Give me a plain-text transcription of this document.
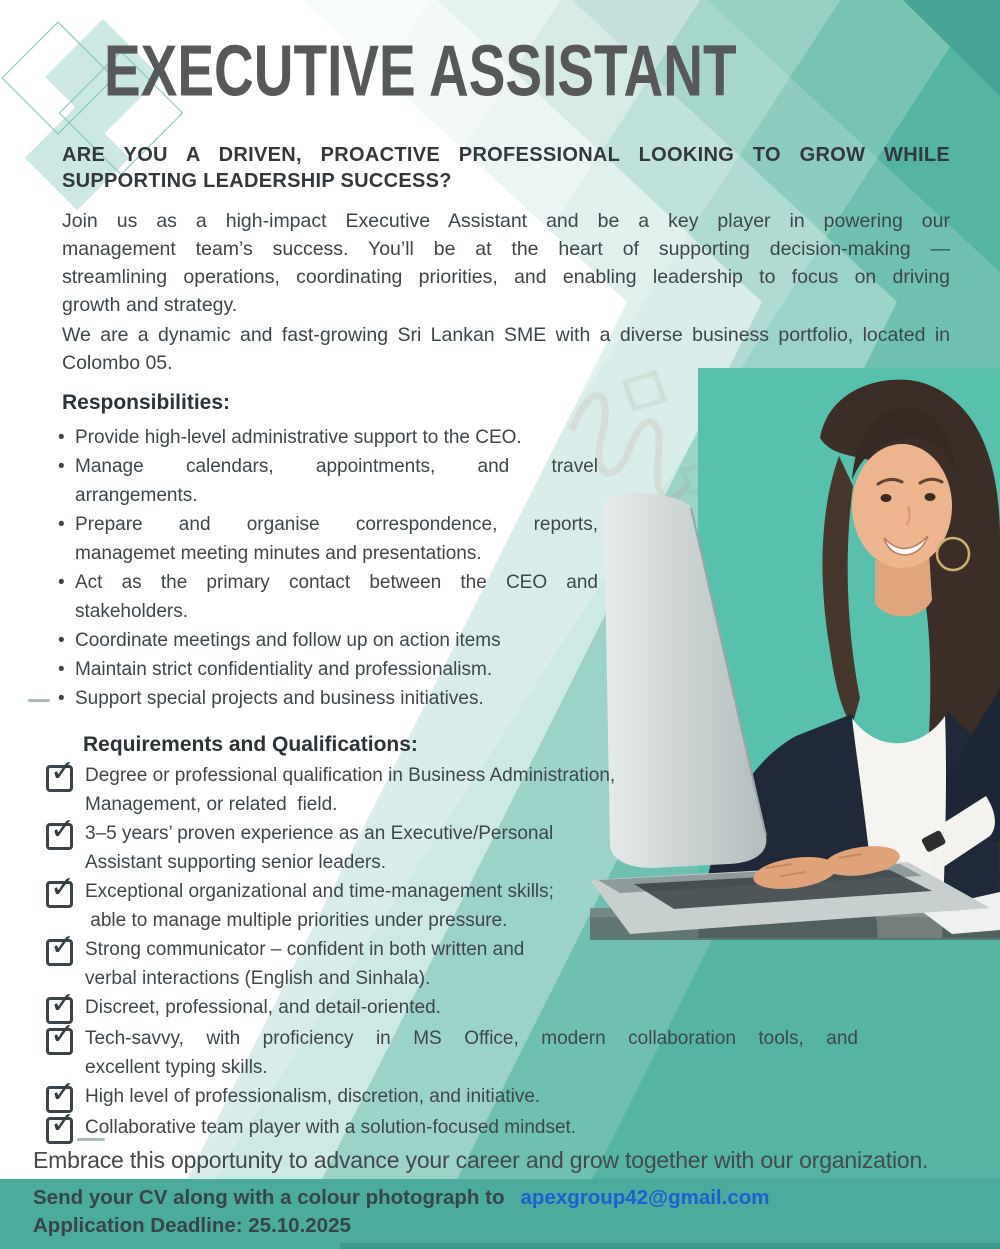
EXECUTIVE ASSISTANT
ARE YOU A DRIVEN, PROACTIVE PROFESSIONAL LOOKING TO GROW WHILE
SUPPORTING LEADERSHIP SUCCESS?
Join us as a high-impact Executive Assistant and be a key player in powering our
management team’s success. You’ll be at the heart of supporting decision-making —
streamlining operations, coordinating priorities, and enabling leadership to focus on driving
growth and strategy.
We are a dynamic and fast-growing Sri Lankan SME with a diverse business portfolio, located in
Colombo 05.
Responsibilities:
• Provide high-level administrative support to the CEO.
• Manage calendars, appointments, and travel
arrangements.
• Prepare and organise correspondence, reports,
managemet meeting minutes and presentations.
• Act as the primary contact between the CEO and
stakeholders.
• Coordinate meetings and follow up on action items
• Maintain strict confidentiality and professionalism.
• Support special projects and business initiatives.
Requirements and Qualifications:
✓ Degree or professional qualification in Business Administration,
Management, or related  field.
✓ 3–5 years’ proven experience as an Executive/Personal
Assistant supporting senior leaders.
✓ Exceptional organizational and time-management skills;
able to manage multiple priorities under pressure.
✓ Strong communicator – confident in both written and
verbal interactions (English and Sinhala).
✓ Discreet, professional, and detail-oriented.
✓ Tech-savvy, with proficiency in MS Office, modern collaboration tools, and
excellent typing skills.
✓ High level of professionalism, discretion, and initiative.
✓ Collaborative team player with a solution-focused mindset.
Embrace this opportunity to advance your career and grow together with our organization.
Send your CV along with a colour photograph to apexgroup42@gmail.com
Application Deadline: 25.10.2025
